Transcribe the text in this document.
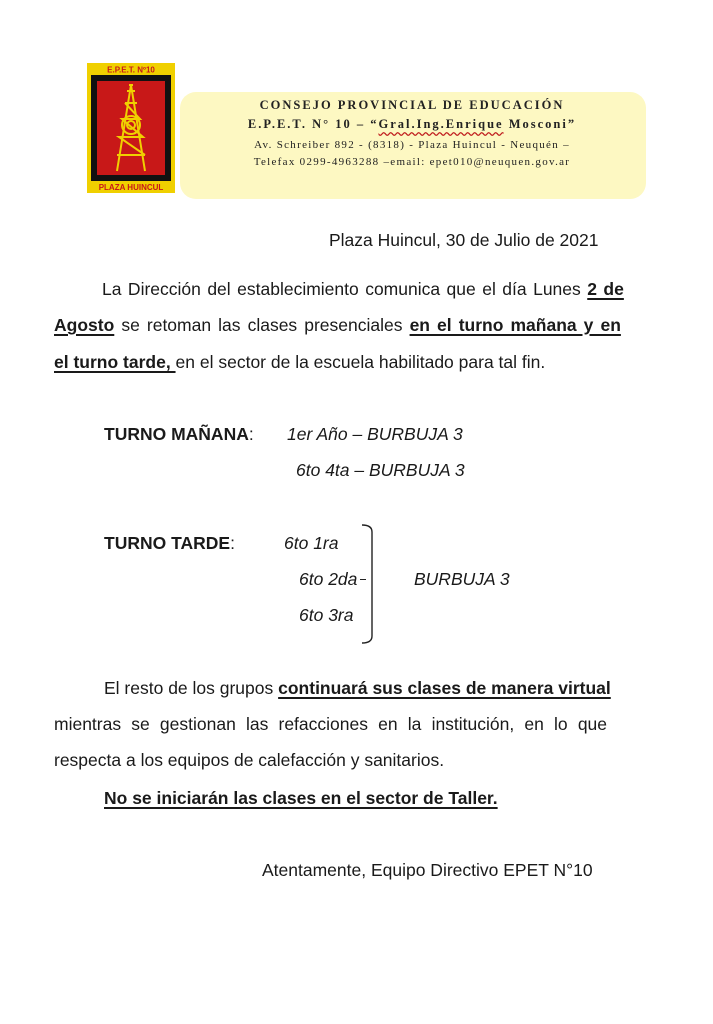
E.P.E.T. Nº10
PLAZA HUINCUL
CONSEJO PROVINCIAL DE EDUCACIÓN
E.P.E.T. N° 10 – “Gral.Ing.Enrique Mosconi”
Av. Schreiber 892 - (8318) - Plaza Huincul - Neuquén –
Telefax 0299-4963288 –email: epet010@neuquen.gov.ar
Plaza Huincul, 30 de Julio de 2021
La Dirección del establecimiento comunica que el día Lunes 2 de
Agosto se retoman las clases presenciales en el turno mañana y en
el turno tarde, en el sector de la escuela habilitado para tal fin.
TURNO MAÑANA: 1er Año – BURBUJA 3
6to 4ta – BURBUJA 3
TURNO TARDE:	6to 1ra
6to 2da
6to 3ra
BURBUJA 3
El resto de los grupos continuará sus clases de manera virtual
mientras se gestionan las refacciones en la institución, en lo que
respecta a los equipos de calefacción y sanitarios.
No se iniciarán las clases en el sector de Taller.
Atentamente, Equipo Directivo EPET N°10
